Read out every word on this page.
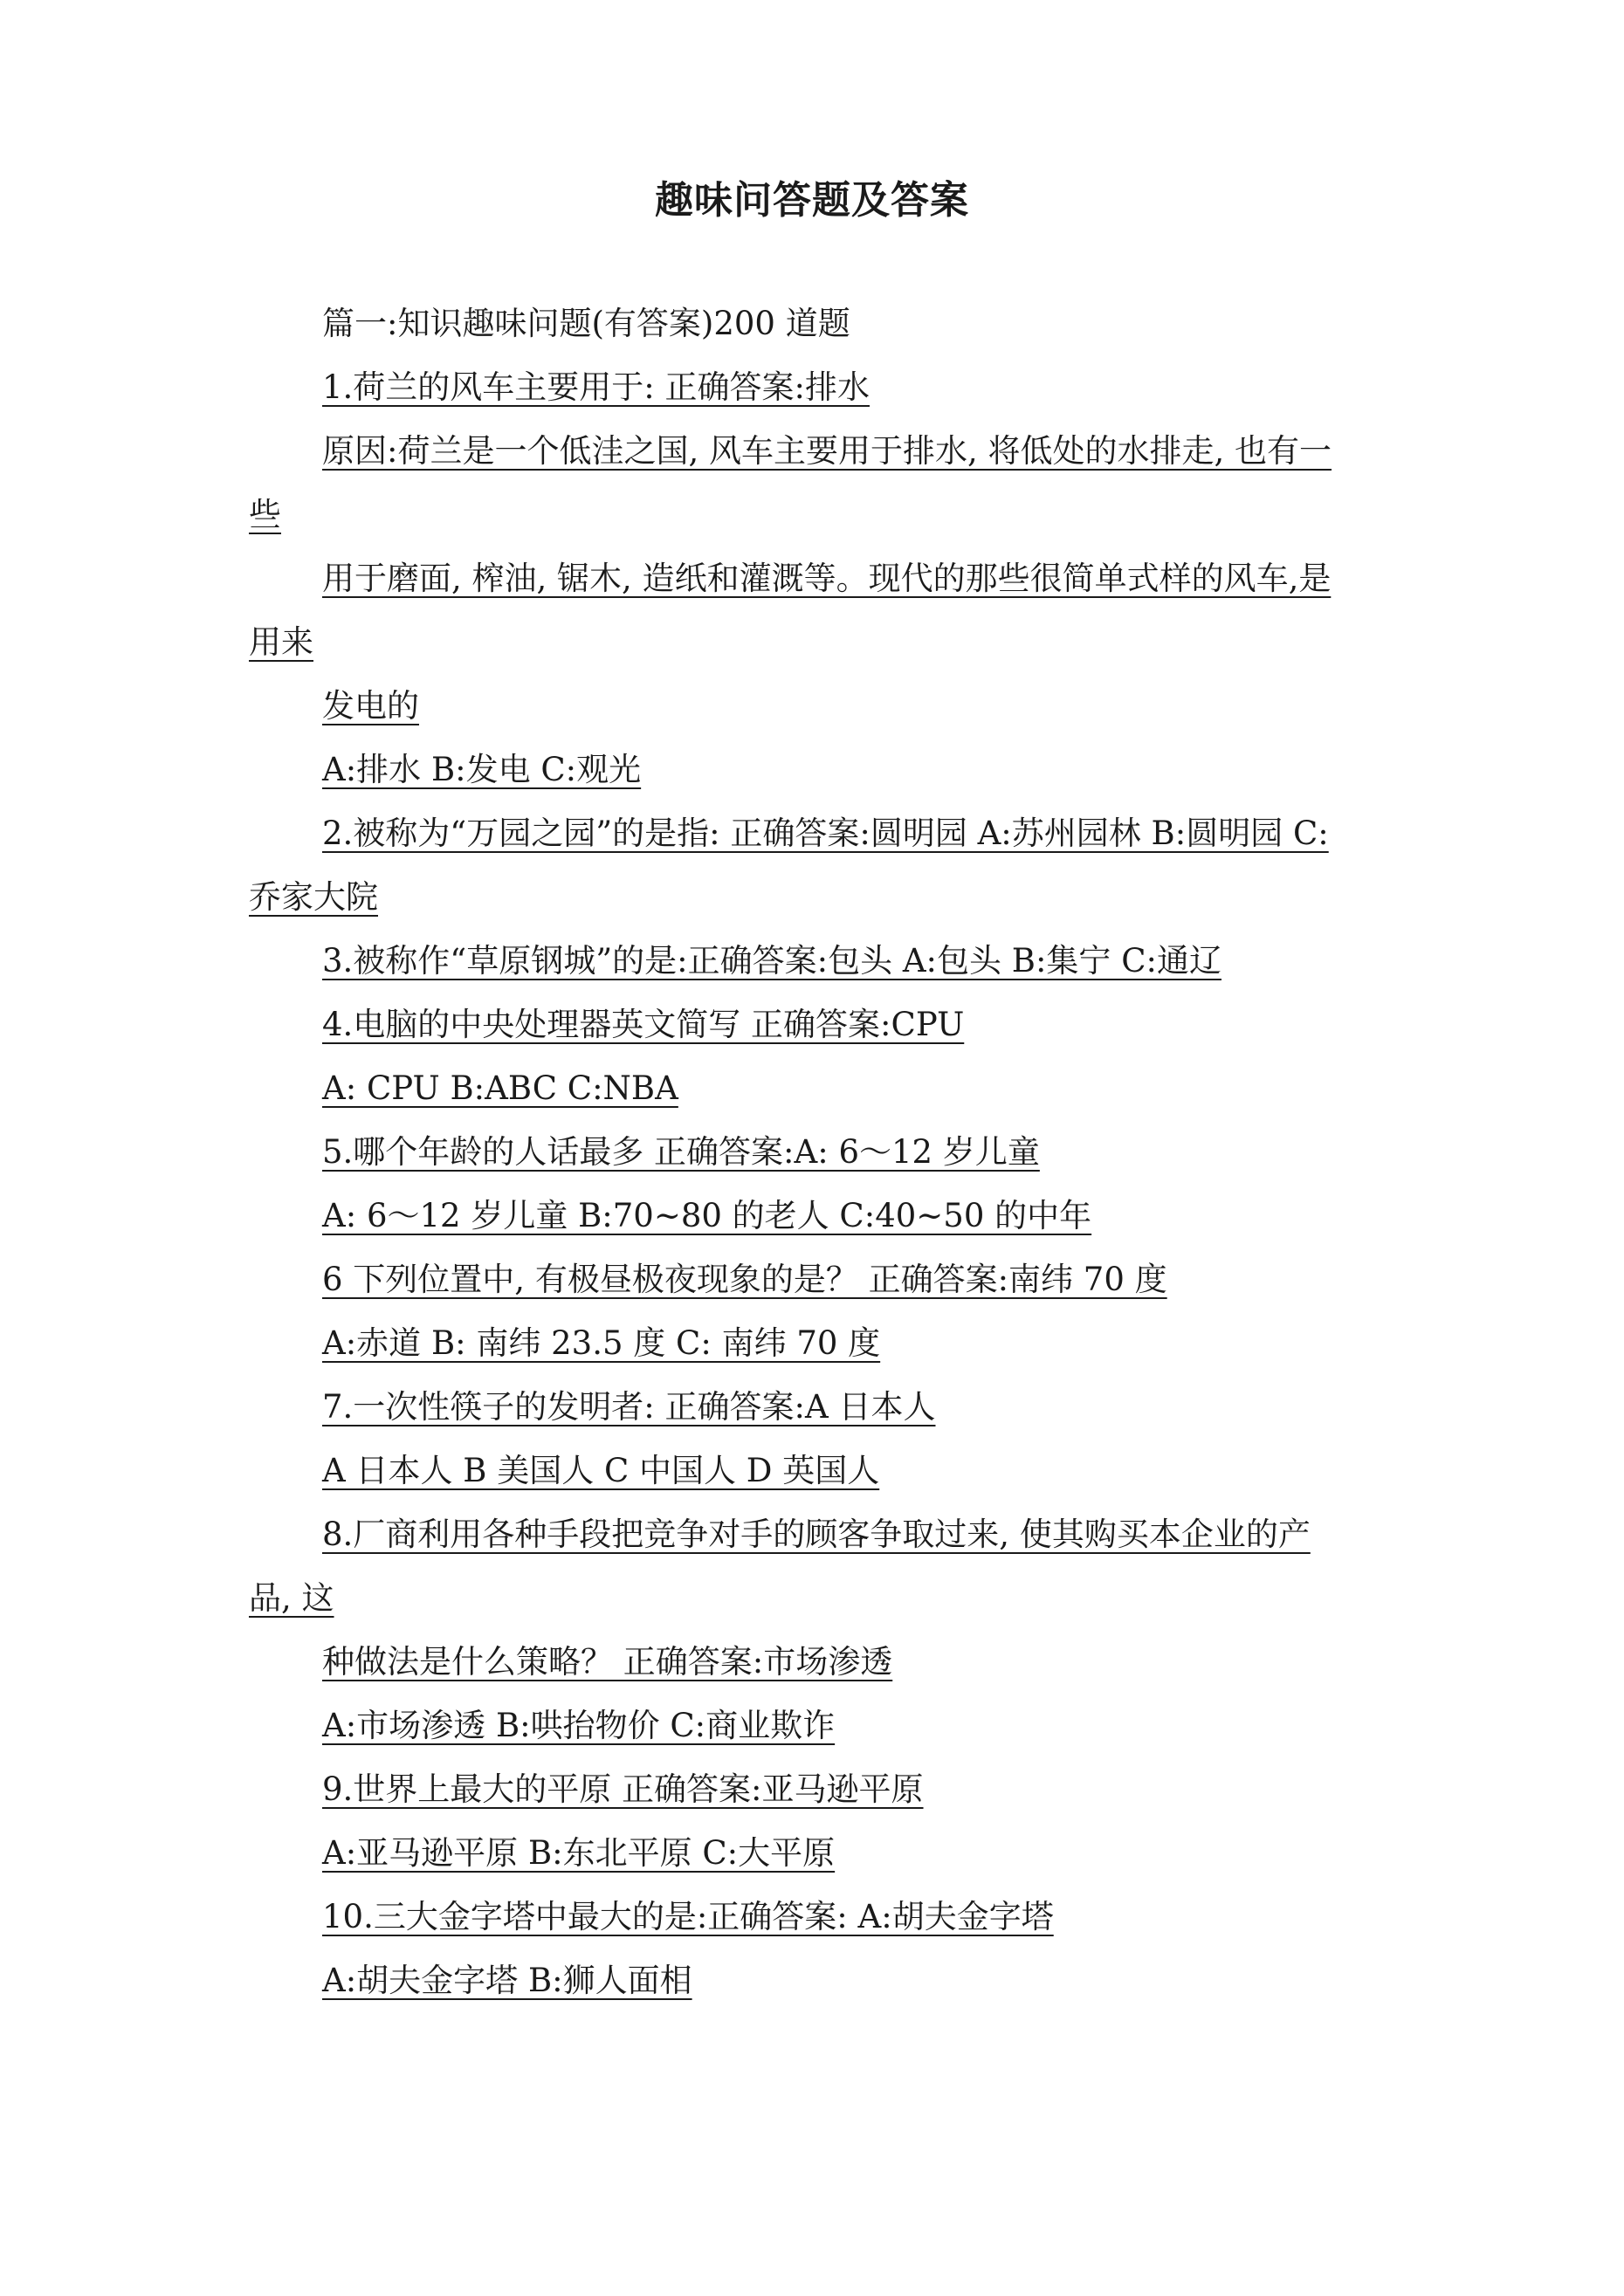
趣味问答题及答案

篇一:知识趣味问题(有答案)200 道题

1.荷兰的风车主要用于: 正确答案:排水

原因:荷兰是一个低洼之国, 风车主要用于排水, 将低处的水排走, 也有一些

用于磨面, 榨油, 锯木, 造纸和灌溉等。现代的那些很简单式样的风车,是用来

发电的

A:排水 B:发电 C:观光

2.被称为“万园之园”的是指: 正确答案:圆明园 A:苏州园林 B:圆明园 C:乔家大院

3.被称作“草原钢城”的是:正确答案:包头 A:包头 B:集宁 C:通辽

4.电脑的中央处理器英文简写 正确答案:CPU

A: CPU B:ABC C:NBA

5.哪个年龄的人话最多 正确答案:A: 6～12 岁儿童

A: 6～12 岁儿童 B:70~80 的老人 C:40~50 的中年

6 下列位置中, 有极昼极夜现象的是？ 正确答案:南纬 70 度

A:赤道 B: 南纬 23.5 度 C: 南纬 70 度

7.一次性筷子的发明者: 正确答案:A 日本人

A 日本人 B 美国人 C 中国人 D 英国人

8.厂商利用各种手段把竞争对手的顾客争取过来, 使其购买本企业的产品, 这

种做法是什么策略？ 正确答案:市场渗透

A:市场渗透 B:哄抬物价 C:商业欺诈

9.世界上最大的平原 正确答案:亚马逊平原

A:亚马逊平原 B:东北平原 C:大平原

10.三大金字塔中最大的是:正确答案: A:胡夫金字塔

A:胡夫金字塔 B:狮人面相
